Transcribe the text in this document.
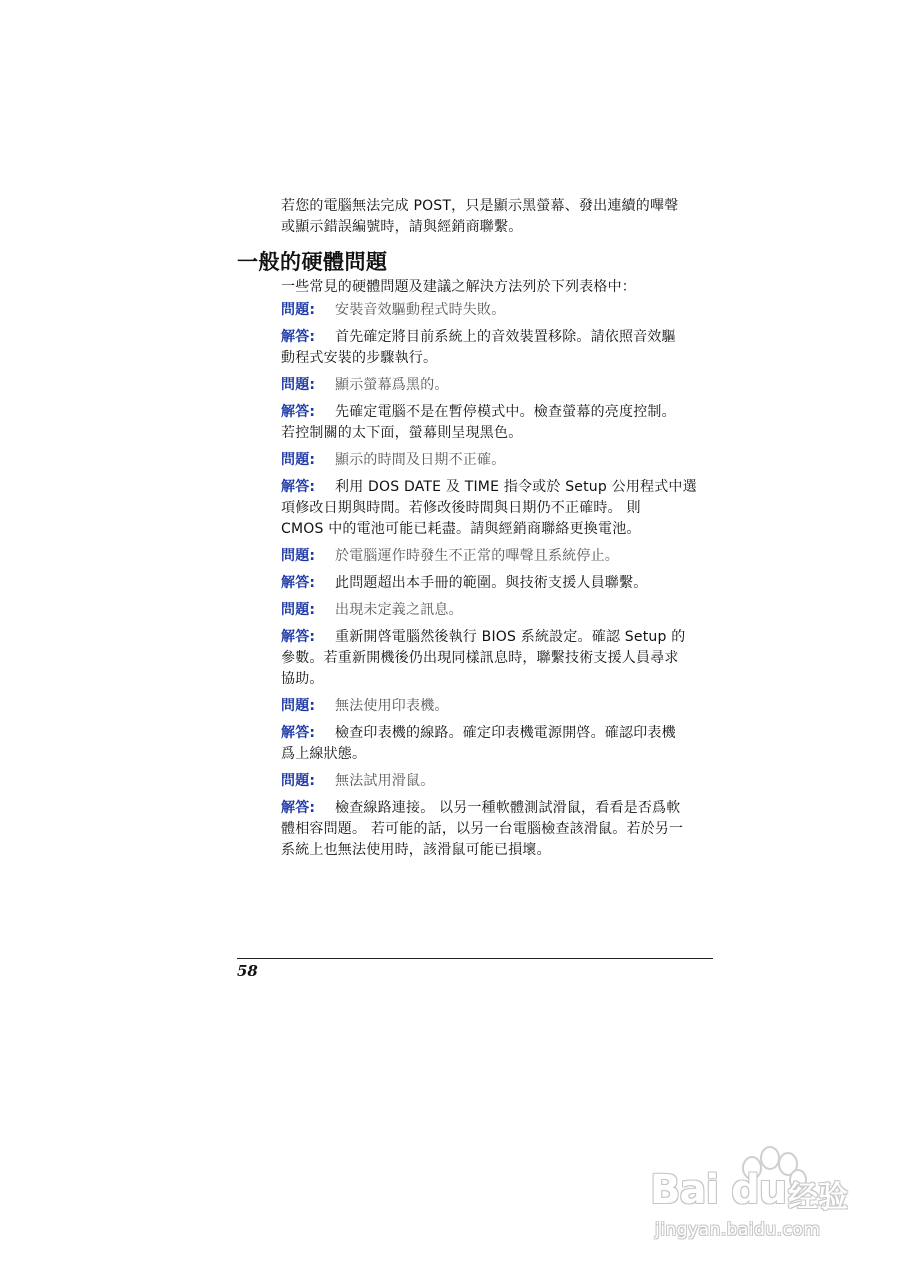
若您的電腦無法完成 POST，只是顯示黑螢幕、發出連續的嗶聲
或顯示錯誤編號時，請與經銷商聯繫。

一般的硬體問題

一些常見的硬體問題及建議之解決方法列於下列表格中：

問題: 安裝音效驅動程式時失敗。

解答: 首先確定將目前系統上的音效裝置移除。請依照音效驅
動程式安裝的步驟執行。

問題: 顯示螢幕爲黑的。

解答: 先確定電腦不是在暫停模式中。檢查螢幕的亮度控制。
若控制關的太下面，螢幕則呈現黑色。

問題: 顯示的時間及日期不正確。

解答: 利用 DOS DATE 及 TIME 指令或於 Setup 公用程式中選
項修改日期與時間。若修改後時間與日期仍不正確時。 則
CMOS 中的電池可能已耗盡。請與經銷商聯絡更換電池。

問題: 於電腦運作時發生不正常的嗶聲且系統停止。

解答: 此問題超出本手冊的範圍。與技術支援人員聯繫。

問題: 出現未定義之訊息。

解答: 重新開啓電腦然後執行 BIOS 系統設定。確認 Setup 的
參數。若重新開機後仍出現同樣訊息時，聯繫技術支援人員尋求
協助。

問題: 無法使用印表機。

解答: 檢查印表機的線路。確定印表機電源開啓。確認印表機
爲上線狀態。

問題: 無法試用滑鼠。

解答: 檢查線路連接。 以另一種軟體測試滑鼠，看看是否爲軟
體相容問題。 若可能的話，以另一台電腦檢查該滑鼠。若於另一
系統上也無法使用時，該滑鼠可能已損壞。

58

Bai du 经验
jingyan.baidu.com
